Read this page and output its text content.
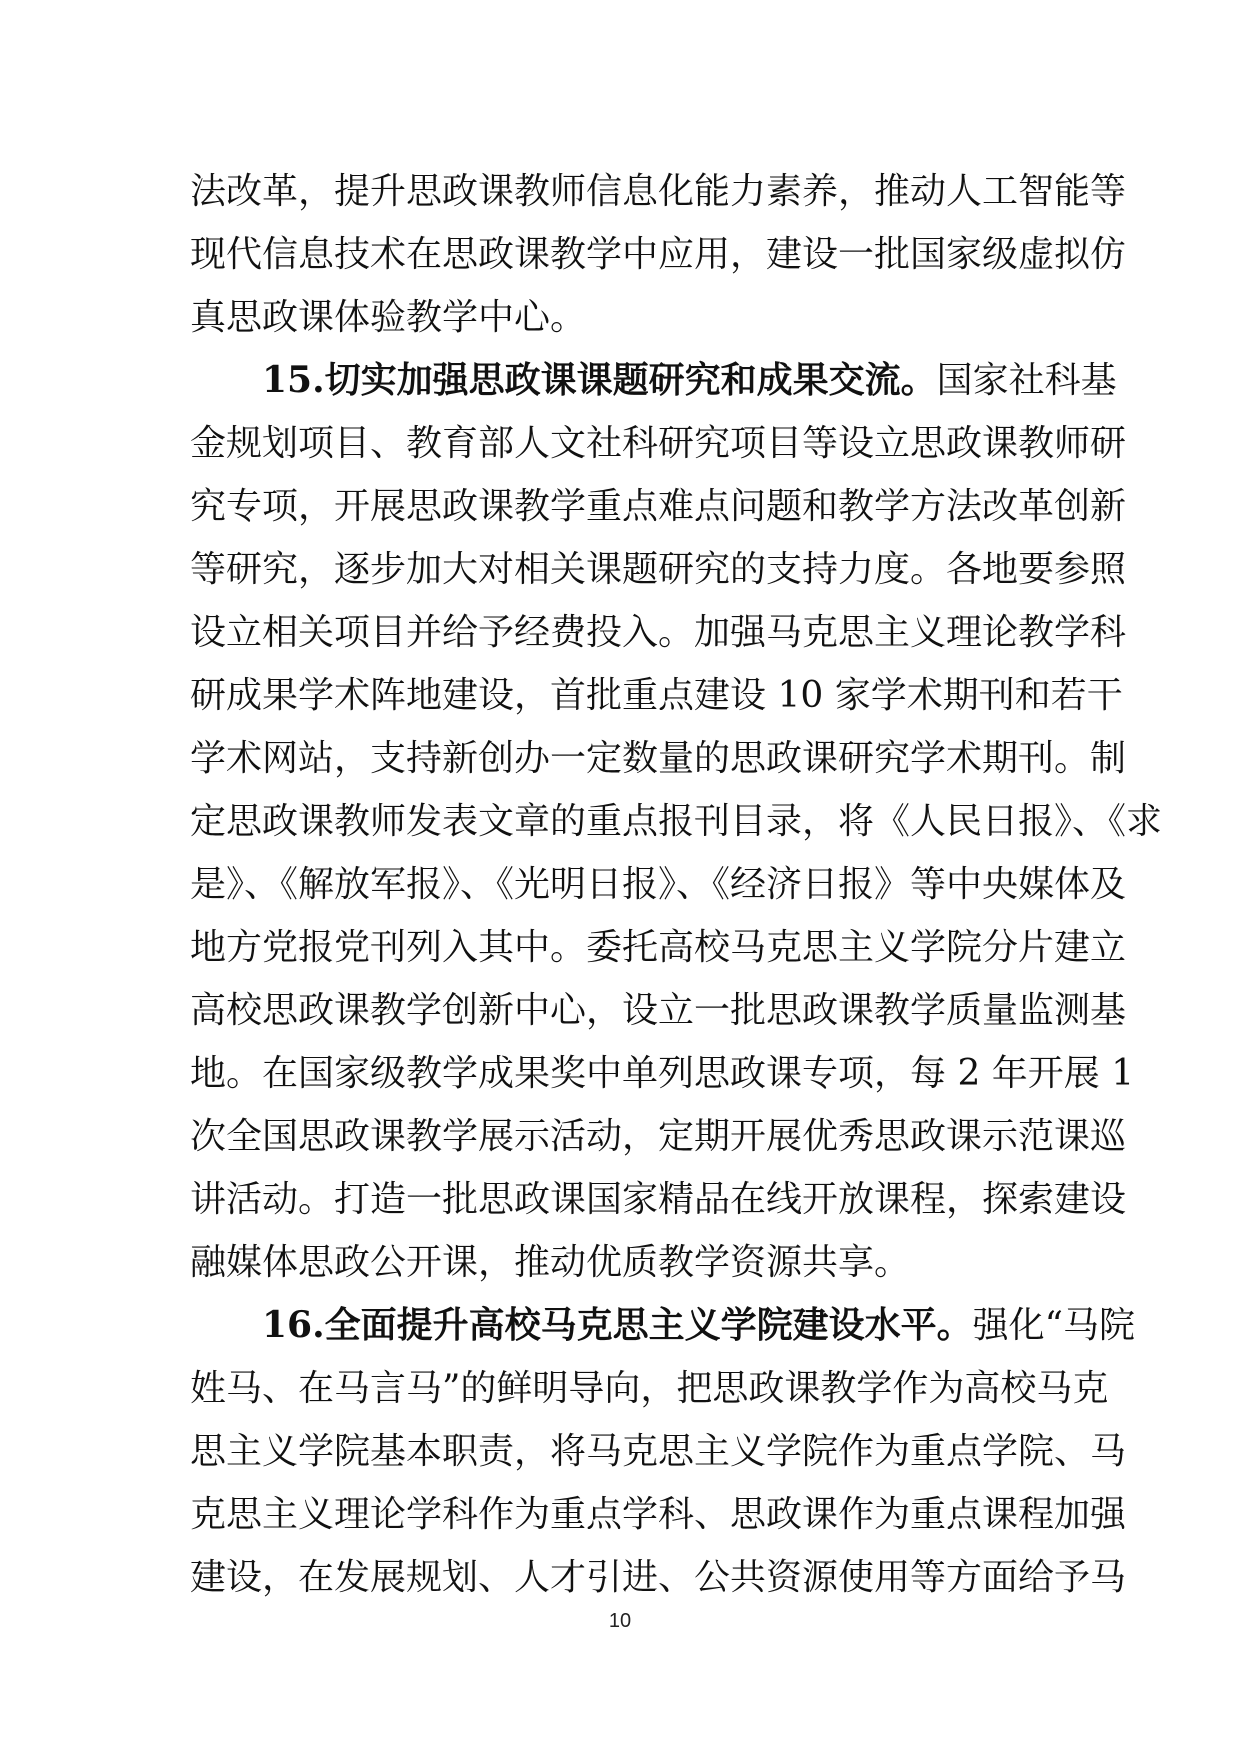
法改革，提升思政课教师信息化能力素养，推动人工智能等
现代信息技术在思政课教学中应用，建设一批国家级虚拟仿
真思政课体验教学中心。
15.切实加强思政课课题研究和成果交流。国家社科基
金规划项目、教育部人文社科研究项目等设立思政课教师研
究专项，开展思政课教学重点难点问题和教学方法改革创新
等研究，逐步加大对相关课题研究的支持力度。各地要参照
设立相关项目并给予经费投入。加强马克思主义理论教学科
研成果学术阵地建设，首批重点建设 10 家学术期刊和若干
学术网站，支持新创办一定数量的思政课研究学术期刊。制
定思政课教师发表文章的重点报刊目录，将《人民日报》、《求
是》、《解放军报》、《光明日报》、《经济日报》等中央媒体及
地方党报党刊列入其中。委托高校马克思主义学院分片建立
高校思政课教学创新中心，设立一批思政课教学质量监测基
地。在国家级教学成果奖中单列思政课专项，每 2 年开展 1
次全国思政课教学展示活动，定期开展优秀思政课示范课巡
讲活动。打造一批思政课国家精品在线开放课程，探索建设
融媒体思政公开课，推动优质教学资源共享。
16.全面提升高校马克思主义学院建设水平。强化“马院
姓马、在马言马”的鲜明导向，把思政课教学作为高校马克
思主义学院基本职责，将马克思主义学院作为重点学院、马
克思主义理论学科作为重点学科、思政课作为重点课程加强
建设，在发展规划、人才引进、公共资源使用等方面给予马
10
